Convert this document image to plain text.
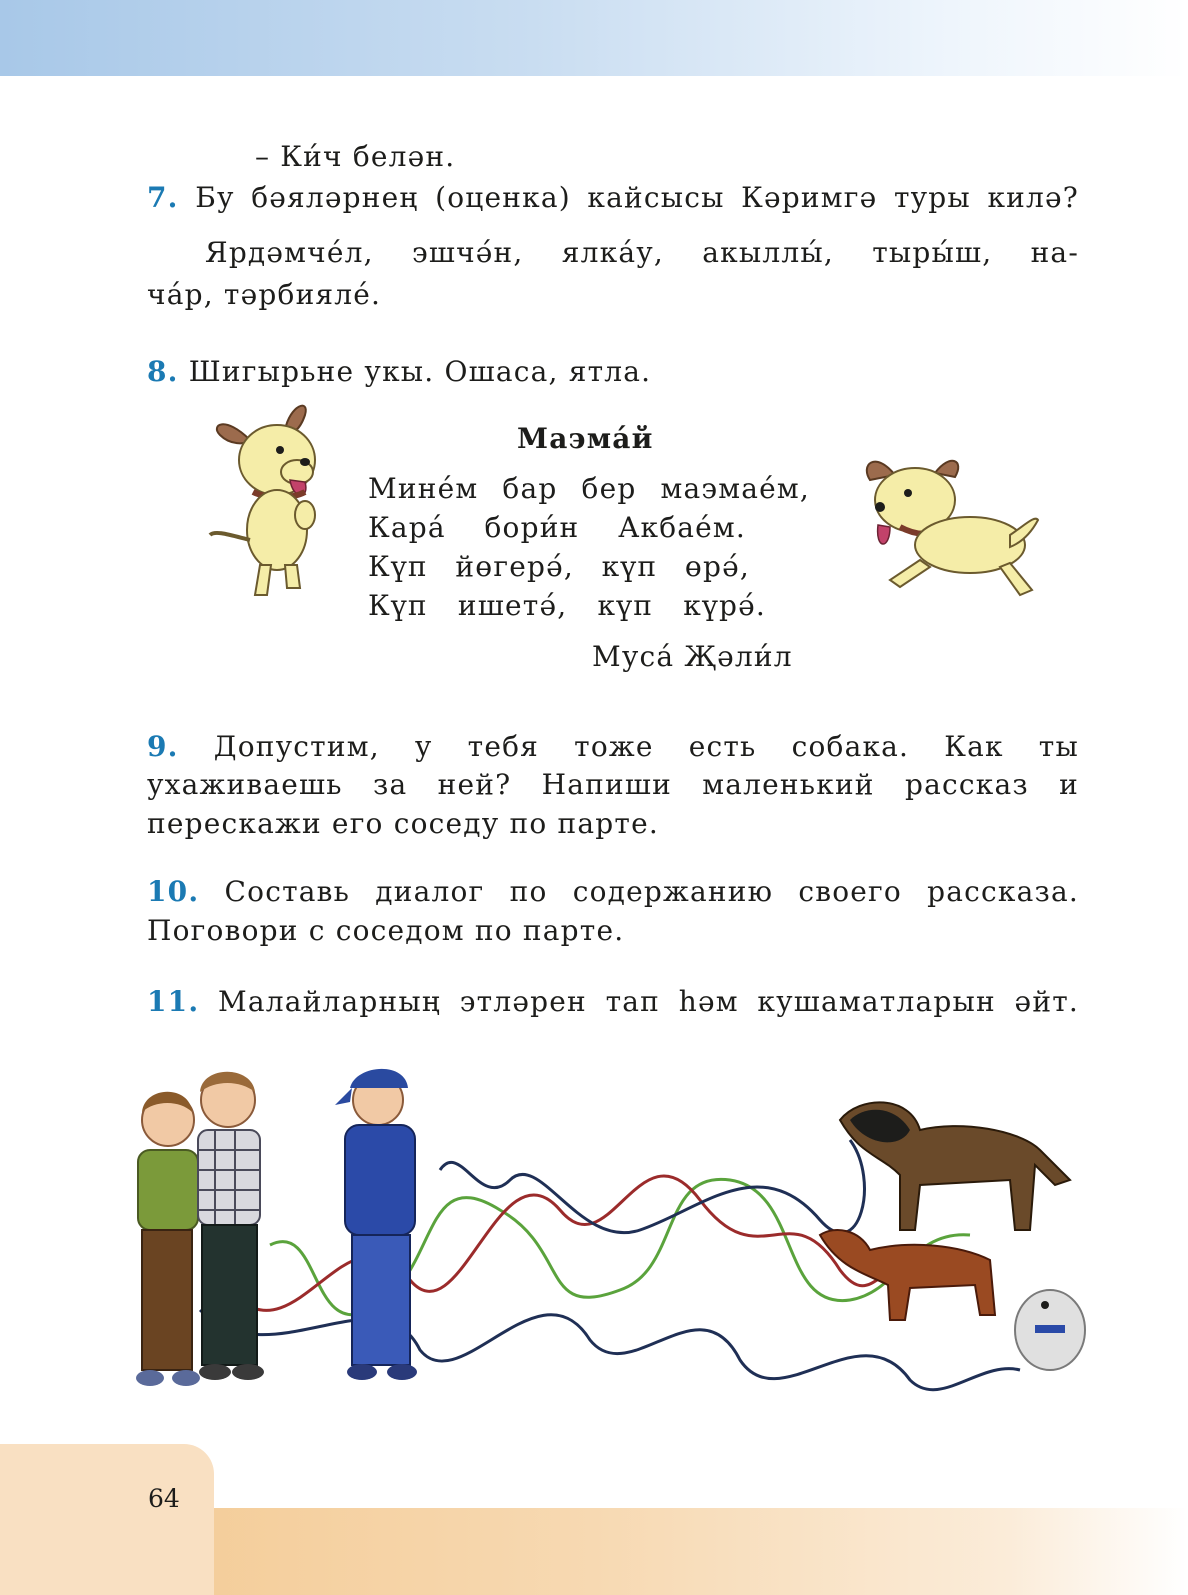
– Ки́ч белән.
7. Бу бәяләрнең (оценка) кайсысы Кәримгә туры килә?
Ярдәмче́л, эшчә́н, ялка́у, акыллы́, тыры́ш, на-
ча́р, тәрбияле́.
8. Шигырьне укы. Ошаса, ятла.
Маэма́й
Мине́м бар бер маэмае́м,
Кара́ бори́н Акбае́м.
Күп йөгерә́, күп өрә́,
Күп ишетә́, күп күрә́.
Муса́ Җәли́л
9. Допустим, у тебя тоже есть собака. Как ты
ухаживаешь за ней? Напиши маленький рассказ и
перескажи его соседу по парте.
10. Составь диалог по содержанию своего рассказа.
Поговори с соседом по парте.
11. Малайларның этләрен тап һәм кушаматларын әйт.
64
